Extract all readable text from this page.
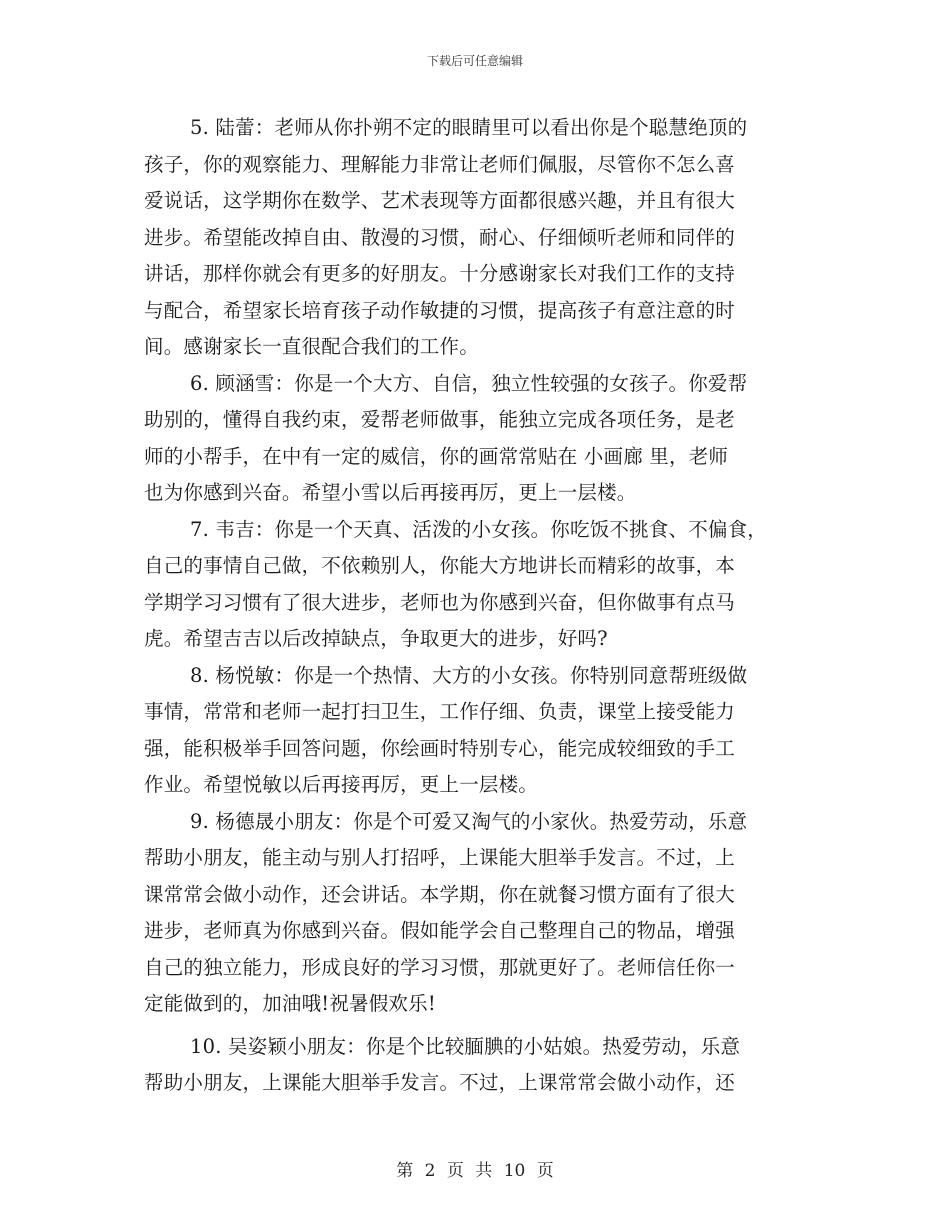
下载后可任意编辑
5. 陆蕾：老师从你扑朔不定的眼睛里可以看出你是个聪慧绝顶的
孩子，你的观察能力、理解能力非常让老师们佩服，尽管你不怎么喜
爱说话，这学期你在数学、艺术表现等方面都很感兴趣，并且有很大
进步。希望能改掉自由、散漫的习惯，耐心、仔细倾听老师和同伴的
讲话，那样你就会有更多的好朋友。十分感谢家长对我们工作的支持
与配合，希望家长培育孩子动作敏捷的习惯，提高孩子有意注意的时
间。感谢家长一直很配合我们的工作。
6. 顾涵雪：你是一个大方、自信，独立性较强的女孩子。你爱帮
助别的，懂得自我约束，爱帮老师做事，能独立完成各项任务，是老
师的小帮手，在中有一定的威信，你的画常常贴在 小画廊 里，老师
也为你感到兴奋。希望小雪以后再接再厉，更上一层楼。
7. 韦吉：你是一个天真、活泼的小女孩。你吃饭不挑食、不偏食，
自己的事情自己做，不依赖别人，你能大方地讲长而精彩的故事，本
学期学习习惯有了很大进步，老师也为你感到兴奋，但你做事有点马
虎。希望吉吉以后改掉缺点，争取更大的进步，好吗?
8. 杨悦敏：你是一个热情、大方的小女孩。你特别同意帮班级做
事情，常常和老师一起打扫卫生，工作仔细、负责，课堂上接受能力
强，能积极举手回答问题，你绘画时特别专心，能完成较细致的手工
作业。希望悦敏以后再接再厉，更上一层楼。
9. 杨德晟小朋友：你是个可爱又淘气的小家伙。热爱劳动，乐意
帮助小朋友，能主动与别人打招呼，上课能大胆举手发言。不过，上
课常常会做小动作，还会讲话。本学期，你在就餐习惯方面有了很大
进步，老师真为你感到兴奋。假如能学会自己整理自己的物品，增强
自己的独立能力，形成良好的学习习惯，那就更好了。老师信任你一
定能做到的，加油哦!祝暑假欢乐!
10. 吴姿颖小朋友：你是个比较腼腆的小姑娘。热爱劳动，乐意
帮助小朋友，上课能大胆举手发言。不过，上课常常会做小动作，还
第 2 页 共 10 页
